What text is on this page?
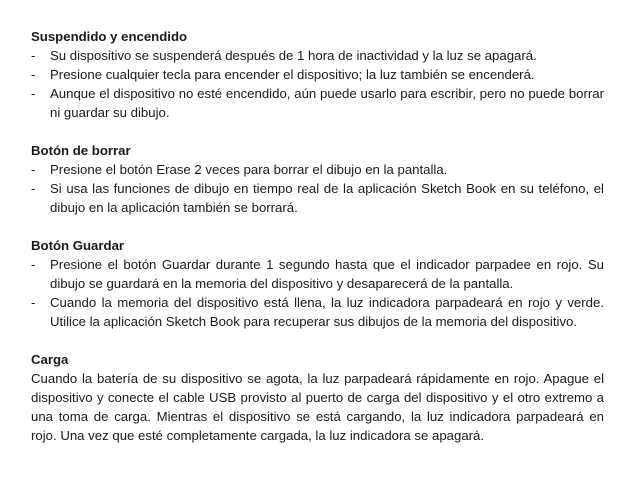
Suspendido y encendido
- Su dispositivo se suspenderá después de 1 hora de inactividad y la luz se apagará.
- Presione cualquier tecla para encender el dispositivo; la luz también se encenderá.
- Aunque el dispositivo no esté encendido, aún puede usarlo para escribir, pero no puede borrar ni guardar su dibujo.
Botón de borrar
- Presione el botón Erase 2 veces para borrar el dibujo en la pantalla.
- Si usa las funciones de dibujo en tiempo real de la aplicación Sketch Book en su teléfono, el dibujo en la aplicación también se borrará.
Botón Guardar
- Presione el botón Guardar durante 1 segundo hasta que el indicador parpadee en rojo. Su dibujo se guardará en la memoria del dispositivo y desaparecerá de la pantalla.
- Cuando la memoria del dispositivo está llena, la luz indicadora parpadeará en rojo y verde. Utilice la aplicación Sketch Book para recuperar sus dibujos de la memoria del dispositivo.
Carga

Cuando la batería de su dispositivo se agota, la luz parpadeará rápidamente en rojo. Apague el dispositivo y conecte el cable USB provisto al puerto de carga del dispositivo y el otro extremo a una toma de carga. Mientras el dispositivo se está cargando, la luz indicadora parpadeará en rojo. Una vez que esté completamente cargada, la luz indicadora se apagará.
